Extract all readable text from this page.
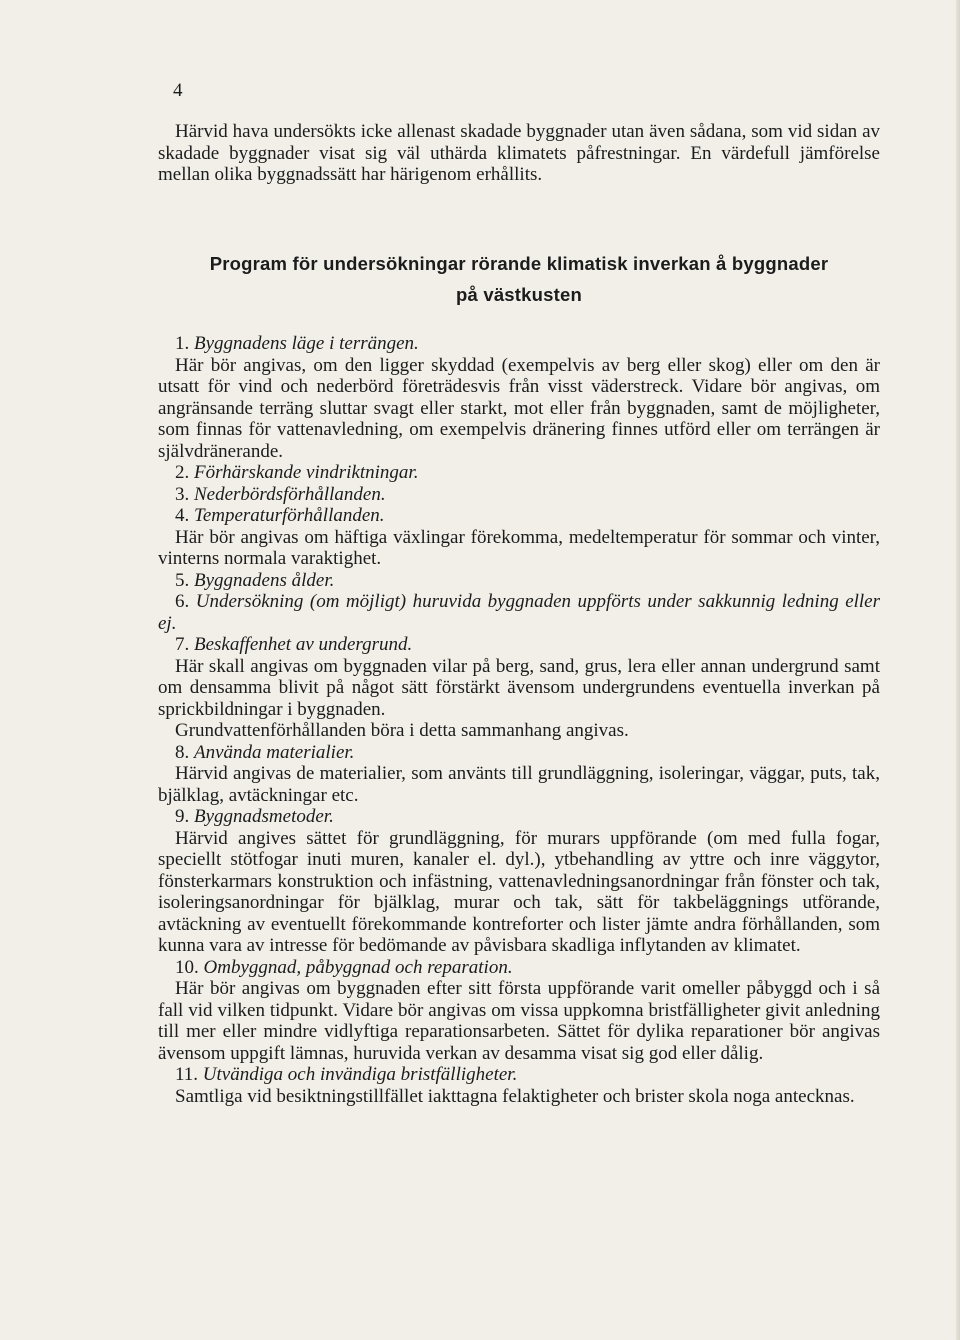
4

Härvid hava undersökts icke allenast skadade byggnader utan även sådana, som vid sidan av skadade byggnader visat sig väl uthärda klimatets påfrestningar. En värdefull jämförelse mellan olika byggnadssätt har härigenom erhållits.

Program för undersökningar rörande klimatisk inverkan å byggnader
på västkusten

1. Byggnadens läge i terrängen.

Här bör angivas, om den ligger skyddad (exempelvis av berg eller skog) eller om den är utsatt för vind och nederbörd företrädesvis från visst väderstreck. Vidare bör angivas, om angränsande terräng sluttar svagt eller starkt, mot eller från byggnaden, samt de möjligheter, som finnas för vattenavledning, om exempelvis dränering finnes utförd eller om terrängen är självdränerande.

2. Förhärskande vindriktningar.

3. Nederbördsförhållanden.

4. Temperaturförhållanden.

Här bör angivas om häftiga växlingar förekomma, medeltemperatur för sommar och vinter, vinterns normala varaktighet.

5. Byggnadens ålder.

6. Undersökning (om möjligt) huruvida byggnaden uppförts under sakkunnig ledning eller ej.

7. Beskaffenhet av undergrund.

Här skall angivas om byggnaden vilar på berg, sand, grus, lera eller annan undergrund samt om densamma blivit på något sätt förstärkt ävensom undergrundens eventuella inverkan på sprickbildningar i byggnaden.

Grundvattenförhållanden böra i detta sammanhang angivas.

8. Använda materialier.

Härvid angivas de materialier, som använts till grundläggning, isoleringar, väggar, puts, tak, bjälklag, avtäckningar etc.

9. Byggnadsmetoder.

Härvid angives sättet för grundläggning, för murars uppförande (om med fulla fogar, speciellt stötfogar inuti muren, kanaler el. dyl.), ytbehandling av yttre och inre väggytor, fönsterkarmars konstruktion och infästning, vattenavledningsanordningar från fönster och tak, isoleringsanordningar för bjälklag, murar och tak, sätt för takbeläggnings utförande, avtäckning av eventuellt förekommande kontreforter och lister jämte andra förhållanden, som kunna vara av intresse för bedömande av påvisbara skadliga inflytanden av klimatet.

10. Ombyggnad, påbyggnad och reparation.

Här bör angivas om byggnaden efter sitt första uppförande varit omeller påbyggd och i så fall vid vilken tidpunkt. Vidare bör angivas om vissa uppkomna bristfälligheter givit anledning till mer eller mindre vidlyftiga reparationsarbeten. Sättet för dylika reparationer bör angivas ävensom uppgift lämnas, huruvida verkan av desamma visat sig god eller dålig.

11. Utvändiga och invändiga bristfälligheter.

Samtliga vid besiktningstillfället iakttagna felaktigheter och brister skola noga antecknas.
